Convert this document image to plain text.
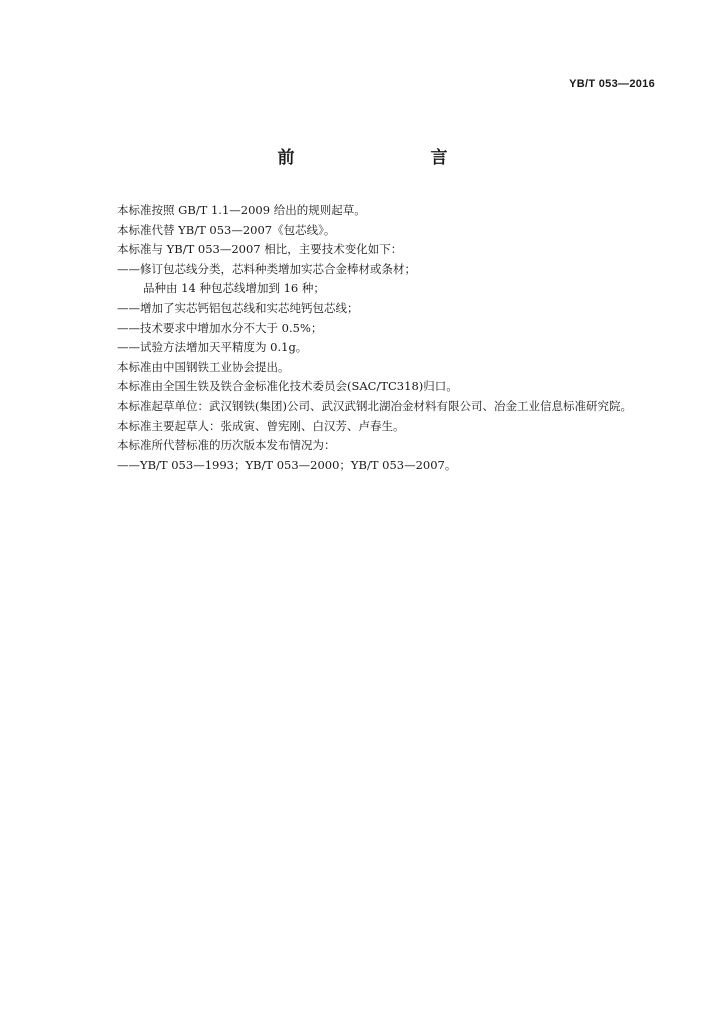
YB/T 053—2016
前　　言
本标准按照 GB/T 1.1—2009 给出的规则起草。
本标准代替 YB/T 053—2007《包芯线》。
本标准与 YB/T 053—2007 相比，主要技术变化如下：
——修订包芯线分类，芯料种类增加实芯合金棒材或条材；
品种由 14 种包芯线增加到 16 种；
——增加了实芯钙铝包芯线和实芯纯钙包芯线；
——技术要求中增加水分不大于 0.5%；
——试验方法增加天平精度为 0.1g。
本标准由中国钢铁工业协会提出。
本标准由全国生铁及铁合金标准化技术委员会(SAC/TC318)归口。
本标准起草单位：武汉钢铁(集团)公司、武汉武钢北湖冶金材料有限公司、冶金工业信息标准研究院。
本标准主要起草人：张成寅、曾宪刚、白汉芳、卢春生。
本标准所代替标准的历次版本发布情况为：
——YB/T 053—1993；YB/T 053—2000；YB/T 053—2007。
